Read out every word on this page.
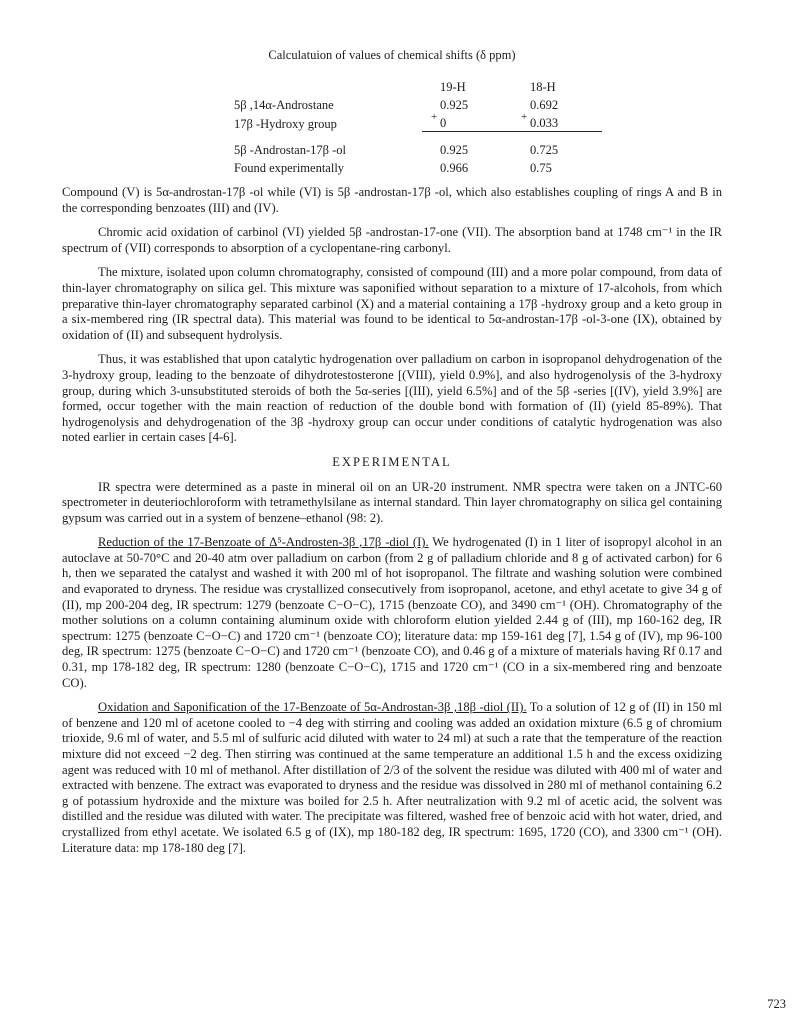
Calculatuion of values of chemical shifts (δ ppm)
	19-H	18-H
5β ,14α-Androstane	0.925	0.692
17β -Hydroxy group	+ 0	+ 0.033

5β -Androstan-17β -ol	0.925	0.725
Found experimentally	0.966	0.75

Compound (V) is 5α-androstan-17β -ol while (VI) is 5β -androstan-17β -ol, which also establishes coupling of rings A and B in the corresponding benzoates (III) and (IV).

Chromic acid oxidation of carbinol (VI) yielded 5β -androstan-17-one (VII). The absorption band at 1748 cm⁻¹ in the IR spectrum of (VII) corresponds to absorption of a cyclopentane-ring carbonyl.

The mixture, isolated upon column chromatography, consisted of compound (III) and a more polar compound, from data of thin-layer chromatography on silica gel. This mixture was saponified without separation to a mixture of 17-alcohols, from which preparative thin-layer chromatography separated carbinol (X) and a material containing a 17β -hydroxy group and a keto group in a six-membered ring (IR spectral data). This material was found to be identical to 5α-androstan-17β -ol-3-one (IX), obtained by oxidation of (II) and subsequent hydrolysis.

Thus, it was established that upon catalytic hydrogenation over palladium on carbon in isopropanol dehydrogenation of the 3-hydroxy group, leading to the benzoate of dihydrotestosterone [(VIII), yield 0.9%], and also hydrogenolysis of the 3-hydroxy group, during which 3-unsubstituted steroids of both the 5α-series [(III), yield 6.5%] and of the 5β -series [(IV), yield 3.9%] are formed, occur together with the main reaction of reduction of the double bond with formation of (II) (yield 85-89%). That hydrogenolysis and dehydrogenation of the 3β -hydroxy group can occur under conditions of catalytic hydrogenation was also noted earlier in certain cases [4-6].

EXPERIMENTAL

IR spectra were determined as a paste in mineral oil on an UR-20 instrument. NMR spectra were taken on a JNTC-60 spectrometer in deuteriochloroform with tetramethylsilane as internal standard. Thin layer chromatography on silica gel containing gypsum was carried out in a system of benzene–ethanol (98: 2).

Reduction of the 17-Benzoate of Δ⁵-Androsten-3β ,17β -diol (I). We hydrogenated (I) in 1 liter of isopropyl alcohol in an autoclave at 50-70°C and 20-40 atm over palladium on carbon (from 2 g of palladium chloride and 8 g of activated carbon) for 6 h, then we separated the catalyst and washed it with 200 ml of hot isopropanol. The filtrate and washing solution were combined and evaporated to dryness. The residue was crystallized consecutively from isopropanol, acetone, and ethyl acetate to give 34 g of (II), mp 200-204 deg, IR spectrum: 1279 (benzoate C−O−C), 1715 (benzoate CO), and 3490 cm⁻¹ (OH). Chromatography of the mother solutions on a column containing aluminum oxide with chloroform elution yielded 2.44 g of (III), mp 160-162 deg, IR spectrum: 1275 (benzoate C−O−C) and 1720 cm⁻¹ (benzoate CO); literature data: mp 159-161 deg [7], 1.54 g of (IV), mp 96-100 deg, IR spectrum: 1275 (benzoate C−O−C) and 1720 cm⁻¹ (benzoate CO), and 0.46 g of a mixture of materials having Rf 0.17 and 0.31, mp 178-182 deg, IR spectrum: 1280 (benzoate C−O−C), 1715 and 1720 cm⁻¹ (CO in a six-membered ring and benzoate CO).

Oxidation and Saponification of the 17-Benzoate of 5α-Androstan-3β ,18β -diol (II). To a solution of 12 g of (II) in 150 ml of benzene and 120 ml of acetone cooled to −4 deg with stirring and cooling was added an oxidation mixture (6.5 g of chromium trioxide, 9.6 ml of water, and 5.5 ml of sulfuric acid diluted with water to 24 ml) at such a rate that the temperature of the reaction mixture did not exceed −2 deg. Then stirring was continued at the same temperature an additional 1.5 h and the excess oxidizing agent was reduced with 10 ml of methanol. After distillation of 2/3 of the solvent the residue was diluted with 400 ml of water and extracted with benzene. The extract was evaporated to dryness and the residue was dissolved in 280 ml of methanol containing 6.2 g of potassium hydroxide and the mixture was boiled for 2.5 h. After neutralization with 9.2 ml of acetic acid, the solvent was distilled and the residue was diluted with water. The precipitate was filtered, washed free of benzoic acid with hot water, dried, and crystallized from ethyl acetate. We isolated 6.5 g of (IX), mp 180-182 deg, IR spectrum: 1695, 1720 (CO), and 3300 cm⁻¹ (OH). Literature data: mp 178-180 deg [7].

723
